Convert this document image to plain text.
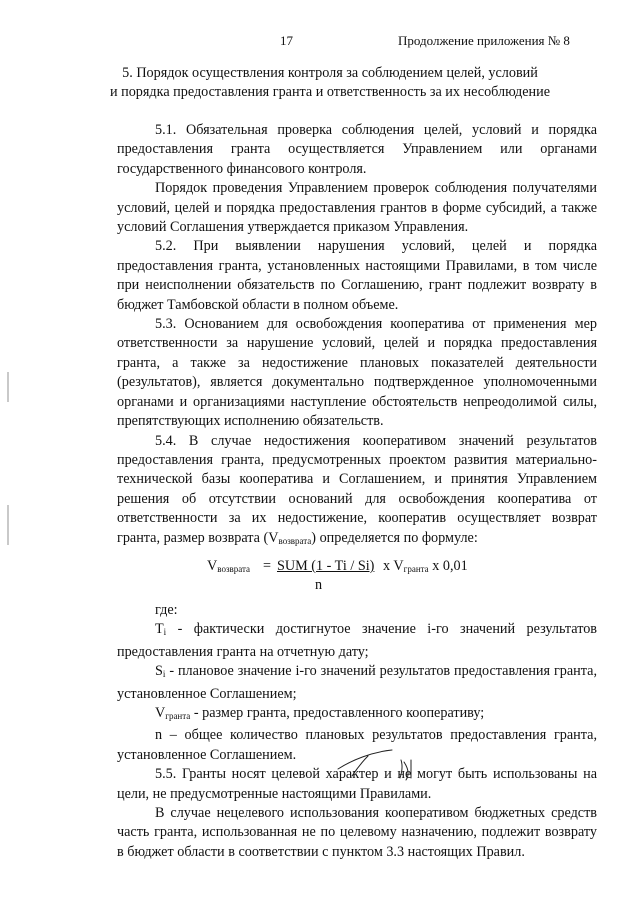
17	Продолжение приложения № 8
5. Порядок осуществления контроля за соблюдением целей, условий
и порядка предоставления гранта и ответственность за их несоблюдение

5.1. Обязательная проверка соблюдения целей, условий и порядка предоставления гранта осуществляется Управлением или органами государственного финансового контроля.

Порядок проведения Управлением проверок соблюдения получателями условий, целей и порядка предоставления грантов в форме субсидий, а также условий Соглашения утверждается приказом Управления.

5.2. При выявлении нарушения условий, целей и порядка предоставления гранта, установленных настоящими Правилами, в том числе при неисполнении обязательств по Соглашению, грант подлежит возврату в бюджет Тамбовской области в полном объеме.

5.3. Основанием для освобождения кооператива от применения мер ответственности за нарушение условий, целей и порядка предоставления гранта, а также за недостижение плановых показателей деятельности (результатов), является документально подтвержденное уполномоченными органами и организациями наступление обстоятельств непреодолимой силы, препятствующих исполнению обязательств.

5.4. В случае недостижения кооперативом значений результатов предоставления гранта, предусмотренных проектом развития материально-технической базы кооператива и Соглашением, и принятия Управлением решения об отсутствии оснований для освобождения кооператива от ответственности за их недостижение, кооператив осуществляет возврат гранта, размер возврата $(V_{возврата})$ определяется по формуле:

$V_{возврата}$ = SUM (1 - Ti / Si) x $V_{гранта}$ x 0,01
n

где:

$T_i$ - фактически достигнутое значение i-го значений результатов предоставления гранта на отчетную дату;

$S_i$ - плановое значение i-го значений результатов предоставления гранта, установленное Соглашением;

$V_{гранта}$ - размер гранта, предоставленного кооперативу;

n – общее количество плановых результатов предоставления гранта, установленное Соглашением.

5.5. Гранты носят целевой характер и не могут быть использованы на цели, не предусмотренные настоящими Правилами.

В случае нецелевого использования кооперативом бюджетных средств часть гранта, использованная не по целевому назначению, подлежит возврату в бюджет области в соответствии с пунктом 3.3 настоящих Правил.
